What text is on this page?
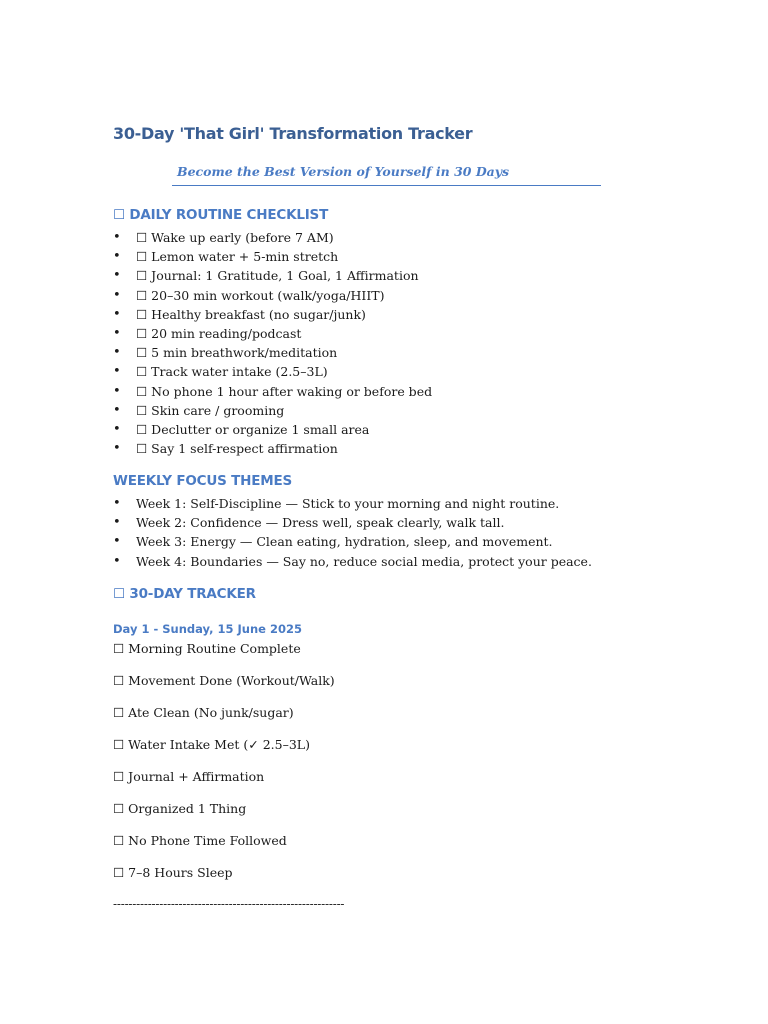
30-Day 'That Girl' Transformation Tracker
Become the Best Version of Yourself in 30 Days
☐ DAILY ROUTINE CHECKLIST
• ☐ Wake up early (before 7 AM)
• ☐ Lemon water + 5-min stretch
• ☐ Journal: 1 Gratitude, 1 Goal, 1 Affirmation
• ☐ 20–30 min workout (walk/yoga/HIIT)
• ☐ Healthy breakfast (no sugar/junk)
• ☐ 20 min reading/podcast
• ☐ 5 min breathwork/meditation
• ☐ Track water intake (2.5–3L)
• ☐ No phone 1 hour after waking or before bed
• ☐ Skin care / grooming
• ☐ Declutter or organize 1 small area
• ☐ Say 1 self-respect affirmation
WEEKLY FOCUS THEMES
• Week 1: Self-Discipline — Stick to your morning and night routine.
• Week 2: Confidence — Dress well, speak clearly, walk tall.
• Week 3: Energy — Clean eating, hydration, sleep, and movement.
• Week 4: Boundaries — Say no, reduce social media, protect your peace.
☐ 30-DAY TRACKER
Day 1 - Sunday, 15 June 2025
☐ Morning Routine Complete
☐ Movement Done (Workout/Walk)
☐ Ate Clean (No junk/sugar)
☐ Water Intake Met (✓ 2.5–3L)
☐ Journal + Affirmation
☐ Organized 1 Thing
☐ No Phone Time Followed
☐ 7–8 Hours Sleep
------------------------------------------------------------
